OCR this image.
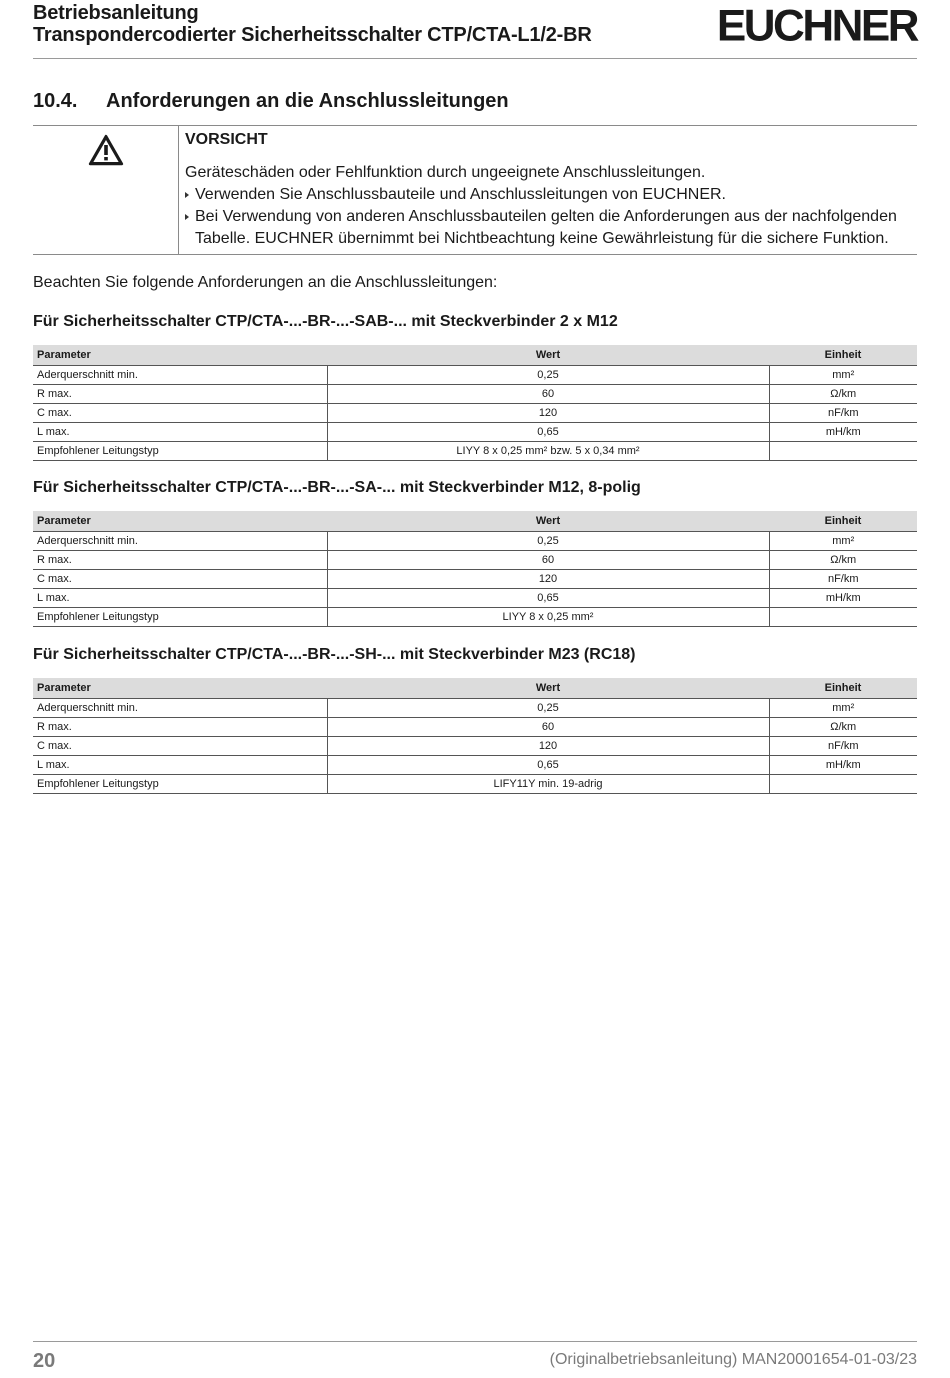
Betriebsanleitung
Transpondercodierter Sicherheitsschalter CTP/CTA-L1/2-BR	EUCHNER
10.4. Anforderungen an die Anschlussleitungen
VORSICHT
Geräteschäden oder Fehlfunktion durch ungeeignete Anschlussleitungen.
Verwenden Sie Anschlussbauteile und Anschlussleitungen von EUCHNER.
Bei Verwendung von anderen Anschlussbauteilen gelten die Anforderungen aus der nachfolgenden Tabelle. EUCHNER übernimmt bei Nichtbeachtung keine Gewährleistung für die sichere Funktion.
Beachten Sie folgende Anforderungen an die Anschlussleitungen:
Für Sicherheitsschalter CTP/CTA-...-BR-...-SAB-... mit Steckverbinder 2 x M12
Parameter	Wert	Einheit
Aderquerschnitt min.	0,25	mm²
R max.	60	Ω/km
C max.	120	nF/km
L max.	0,65	mH/km
Empfohlener Leitungstyp	LIYY 8 x 0,25 mm² bzw. 5 x 0,34 mm²	
Für Sicherheitsschalter CTP/CTA-...-BR-...-SA-... mit Steckverbinder M12, 8-polig
Parameter	Wert	Einheit
Aderquerschnitt min.	0,25	mm²
R max.	60	Ω/km
C max.	120	nF/km
L max.	0,65	mH/km
Empfohlener Leitungstyp	LIYY 8 x 0,25 mm²	
Für Sicherheitsschalter CTP/CTA-...-BR-...-SH-... mit Steckverbinder M23 (RC18)
Parameter	Wert	Einheit
Aderquerschnitt min.	0,25	mm²
R max.	60	Ω/km
C max.	120	nF/km
L max.	0,65	mH/km
Empfohlener Leitungstyp	LIFY11Y min. 19-adrig	
20	(Originalbetriebsanleitung) MAN20001654-01-03/23
